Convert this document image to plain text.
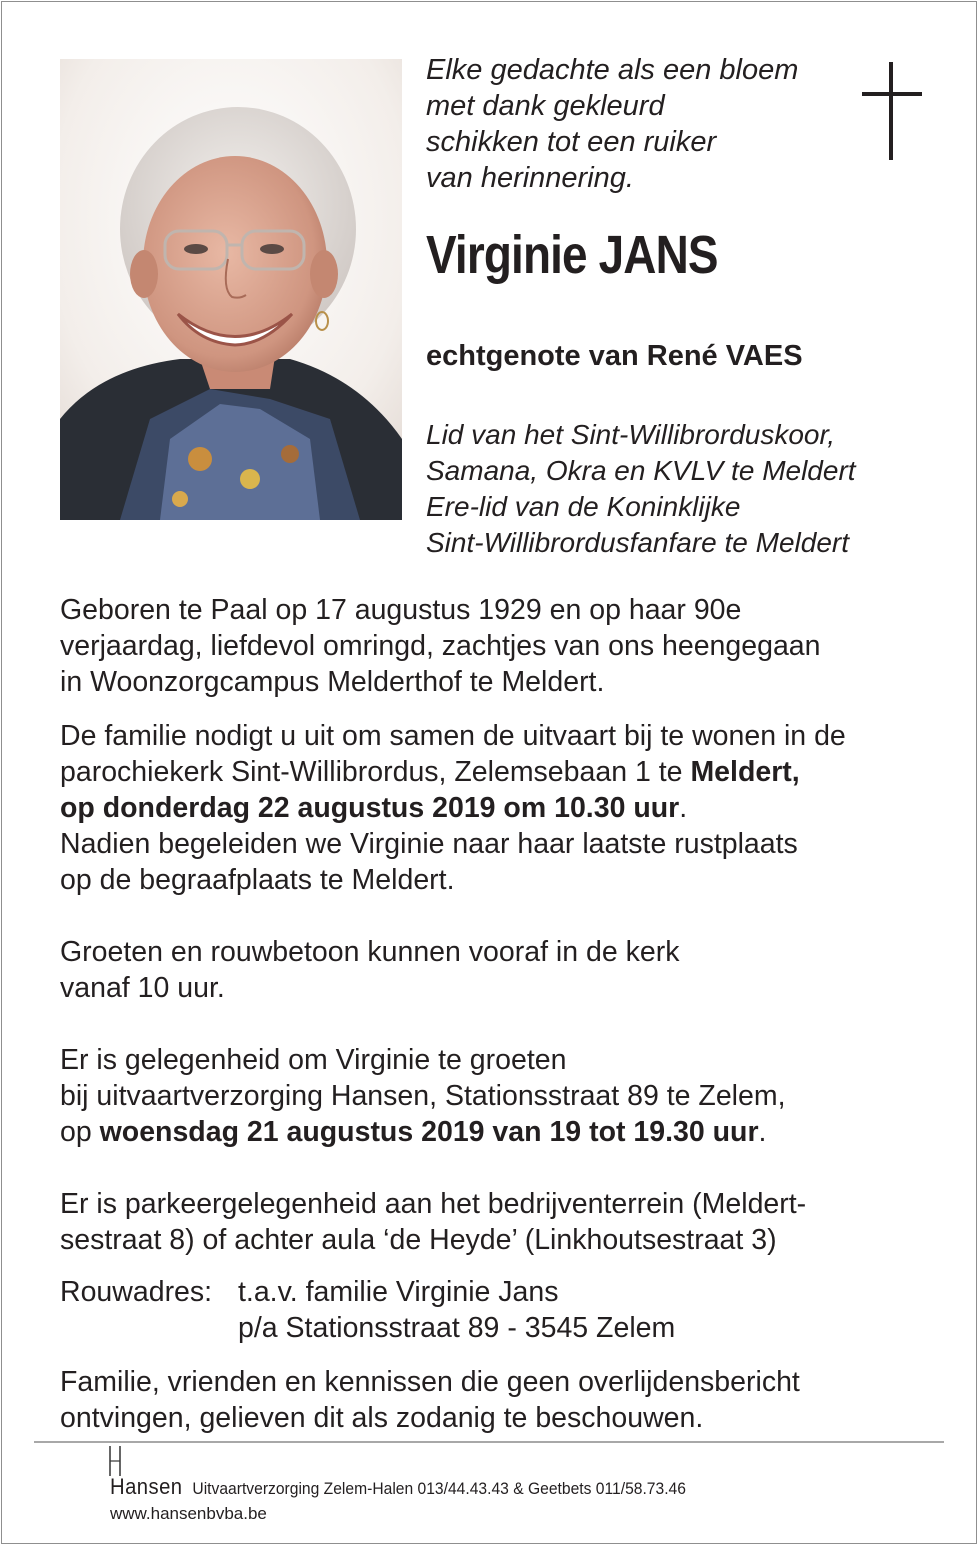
Elke gedachte als een bloem
met dank gekleurd
schikken tot een ruiker
van herinnering.
Virginie JANS
echtgenote van René VAES
Lid van het Sint-Willibrorduskoor,
Samana, Okra en KVLV te Meldert
Ere-lid van de Koninklijke
Sint-Willibrordusfanfare te Meldert

Geboren te Paal op 17 augustus 1929 en op haar 90e
verjaardag, liefdevol omringd, zachtjes van ons heengegaan
in Woonzorgcampus Melderthof te Meldert.

De familie nodigt u uit om samen de uitvaart bij te wonen in de
parochiekerk Sint-Willibrordus, Zelemsebaan 1 te Meldert,
op donderdag 22 augustus 2019 om 10.30 uur.
Nadien begeleiden we Virginie naar haar laatste rustplaats
op de begraafplaats te Meldert.

Groeten en rouwbetoon kunnen vooraf in de kerk
vanaf 10 uur.

Er is gelegenheid om Virginie te groeten
bij uitvaartverzorging Hansen, Stationsstraat 89 te Zelem,
op woensdag 21 augustus 2019 van 19 tot 19.30 uur.

Er is parkeergelegenheid aan het bedrijventerrein (Meldert-
sestraat 8) of achter aula ‘de Heyde’ (Linkhoutsestraat 3)

Rouwadres: t.a.v. familie Virginie Jans
p/a Stationsstraat 89 - 3545 Zelem

Familie, vrienden en kennissen die geen overlijdensbericht
ontvingen, gelieven dit als zodanig te beschouwen.

Hansen Uitvaartverzorging Zelem-Halen 013/44.43.43 & Geetbets 011/58.73.46
www.hansenbvba.be
